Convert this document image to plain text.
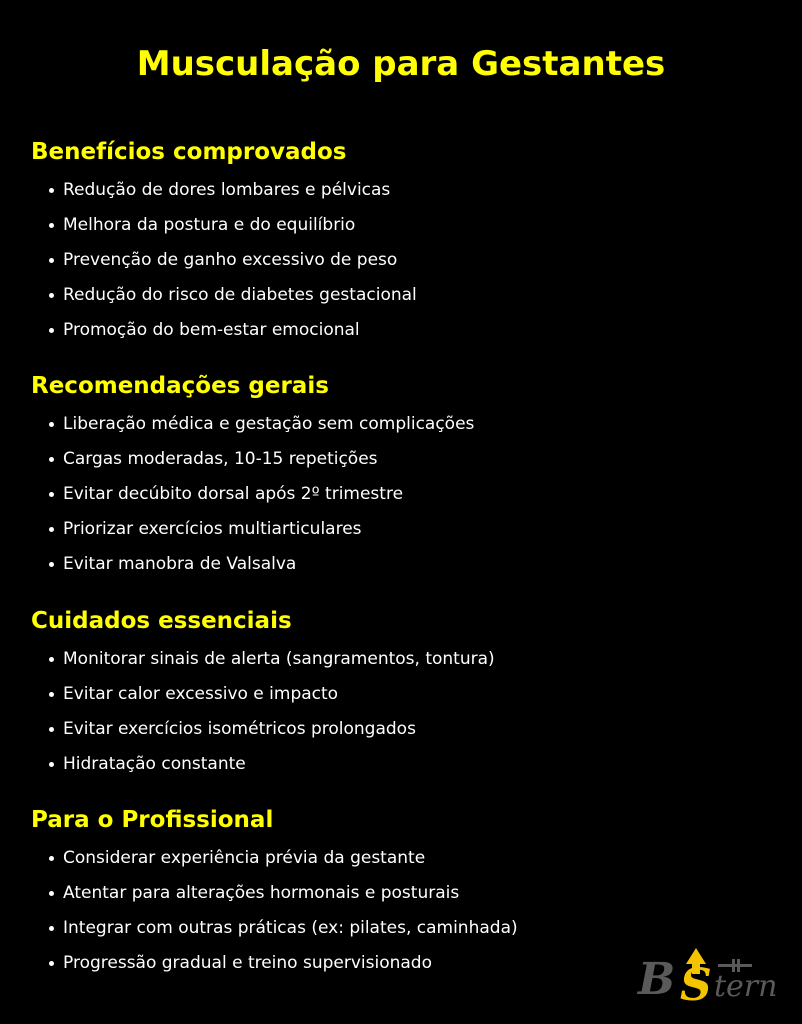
Musculação para Gestantes
Benefícios comprovados
Redução de dores lombares e pélvicas
Melhora da postura e do equilíbrio
Prevenção de ganho excessivo de peso
Redução do risco de diabetes gestacional
Promoção do bem-estar emocional
Recomendações gerais
Liberação médica e gestação sem complicações
Cargas moderadas, 10-15 repetições
Evitar decúbito dorsal após 2º trimestre
Priorizar exercícios multiarticulares
Evitar manobra de Valsalva
Cuidados essenciais
Monitorar sinais de alerta (sangramentos, tontura)
Evitar calor excessivo e impacto
Evitar exercícios isométricos prolongados
Hidratação constante
Para o Profissional
Considerar experiência prévia da gestante
Atentar para alterações hormonais e posturais
Integrar com outras práticas (ex: pilates, caminhada)
Progressão gradual e treino supervisionado	B S tern
